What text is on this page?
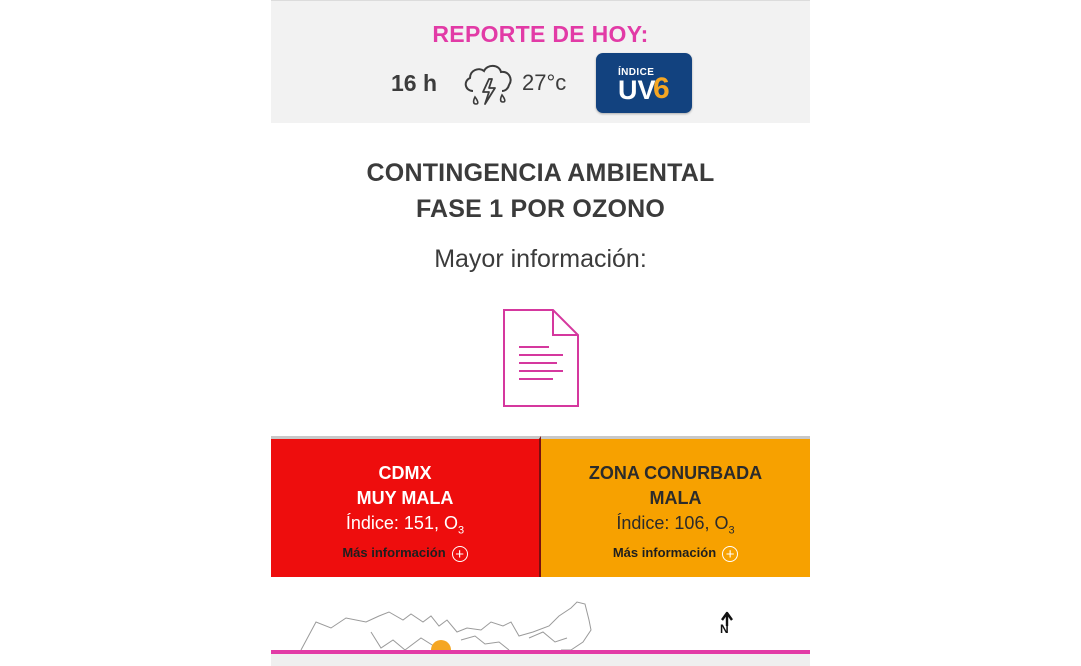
REPORTE DE HOY:
16 h	27°c	ÍNDICE
UV
6
CONTINGENCIA AMBIENTAL
FASE 1 POR OZONO
Mayor información:
CDMX
MUY MALA
Índice: 151, $O_3$
Más información +
ZONA CONURBADA
MALA
Índice: 106, $O_3$
Más información +
N
